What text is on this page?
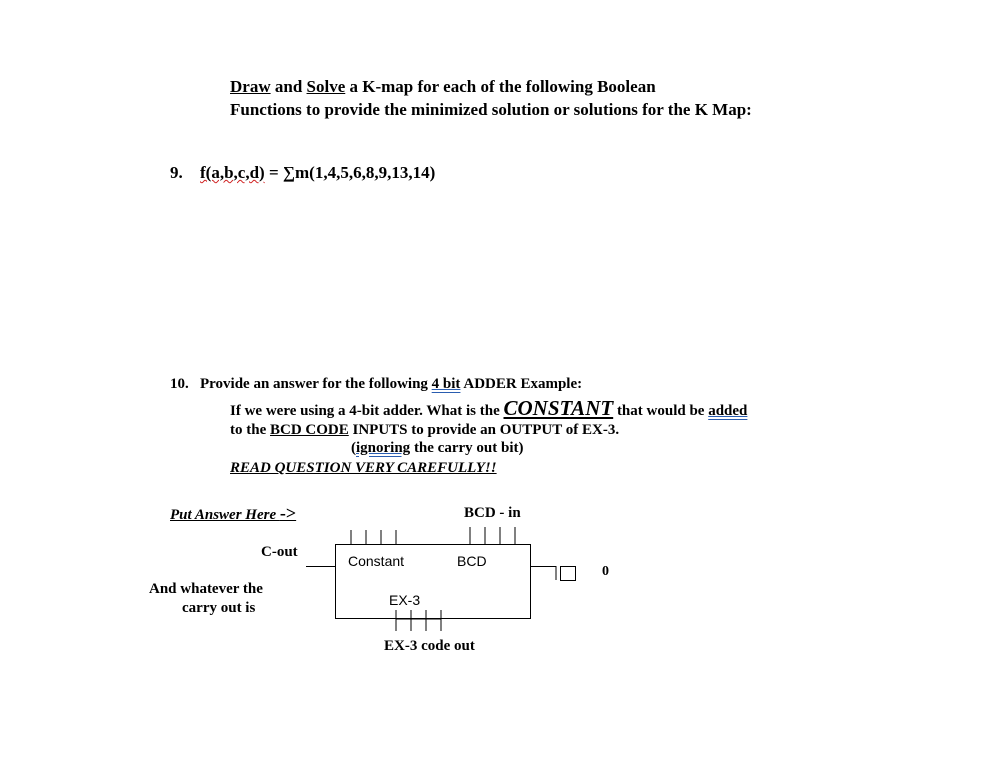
Draw and Solve a K-map for each of the following Boolean
Functions to provide the minimized solution or solutions for the K Map:
9. f(a,b,c,d) = ∑m(1,4,5,6,8,9,13,14)
10. Provide an answer for the following 4 bit ADDER Example:
If we were using a 4-bit adder. What is the CONSTANT that would be added
to the BCD CODE INPUTS to provide an OUTPUT of EX-3.
(ignoring the carry out bit)
READ QUESTION VERY CAREFULLY!!
Put Answer Here ->	BCD - in
C-out
Constant	BCD
EX-3
EX-3 code out
0
And whatever the
carry out is
